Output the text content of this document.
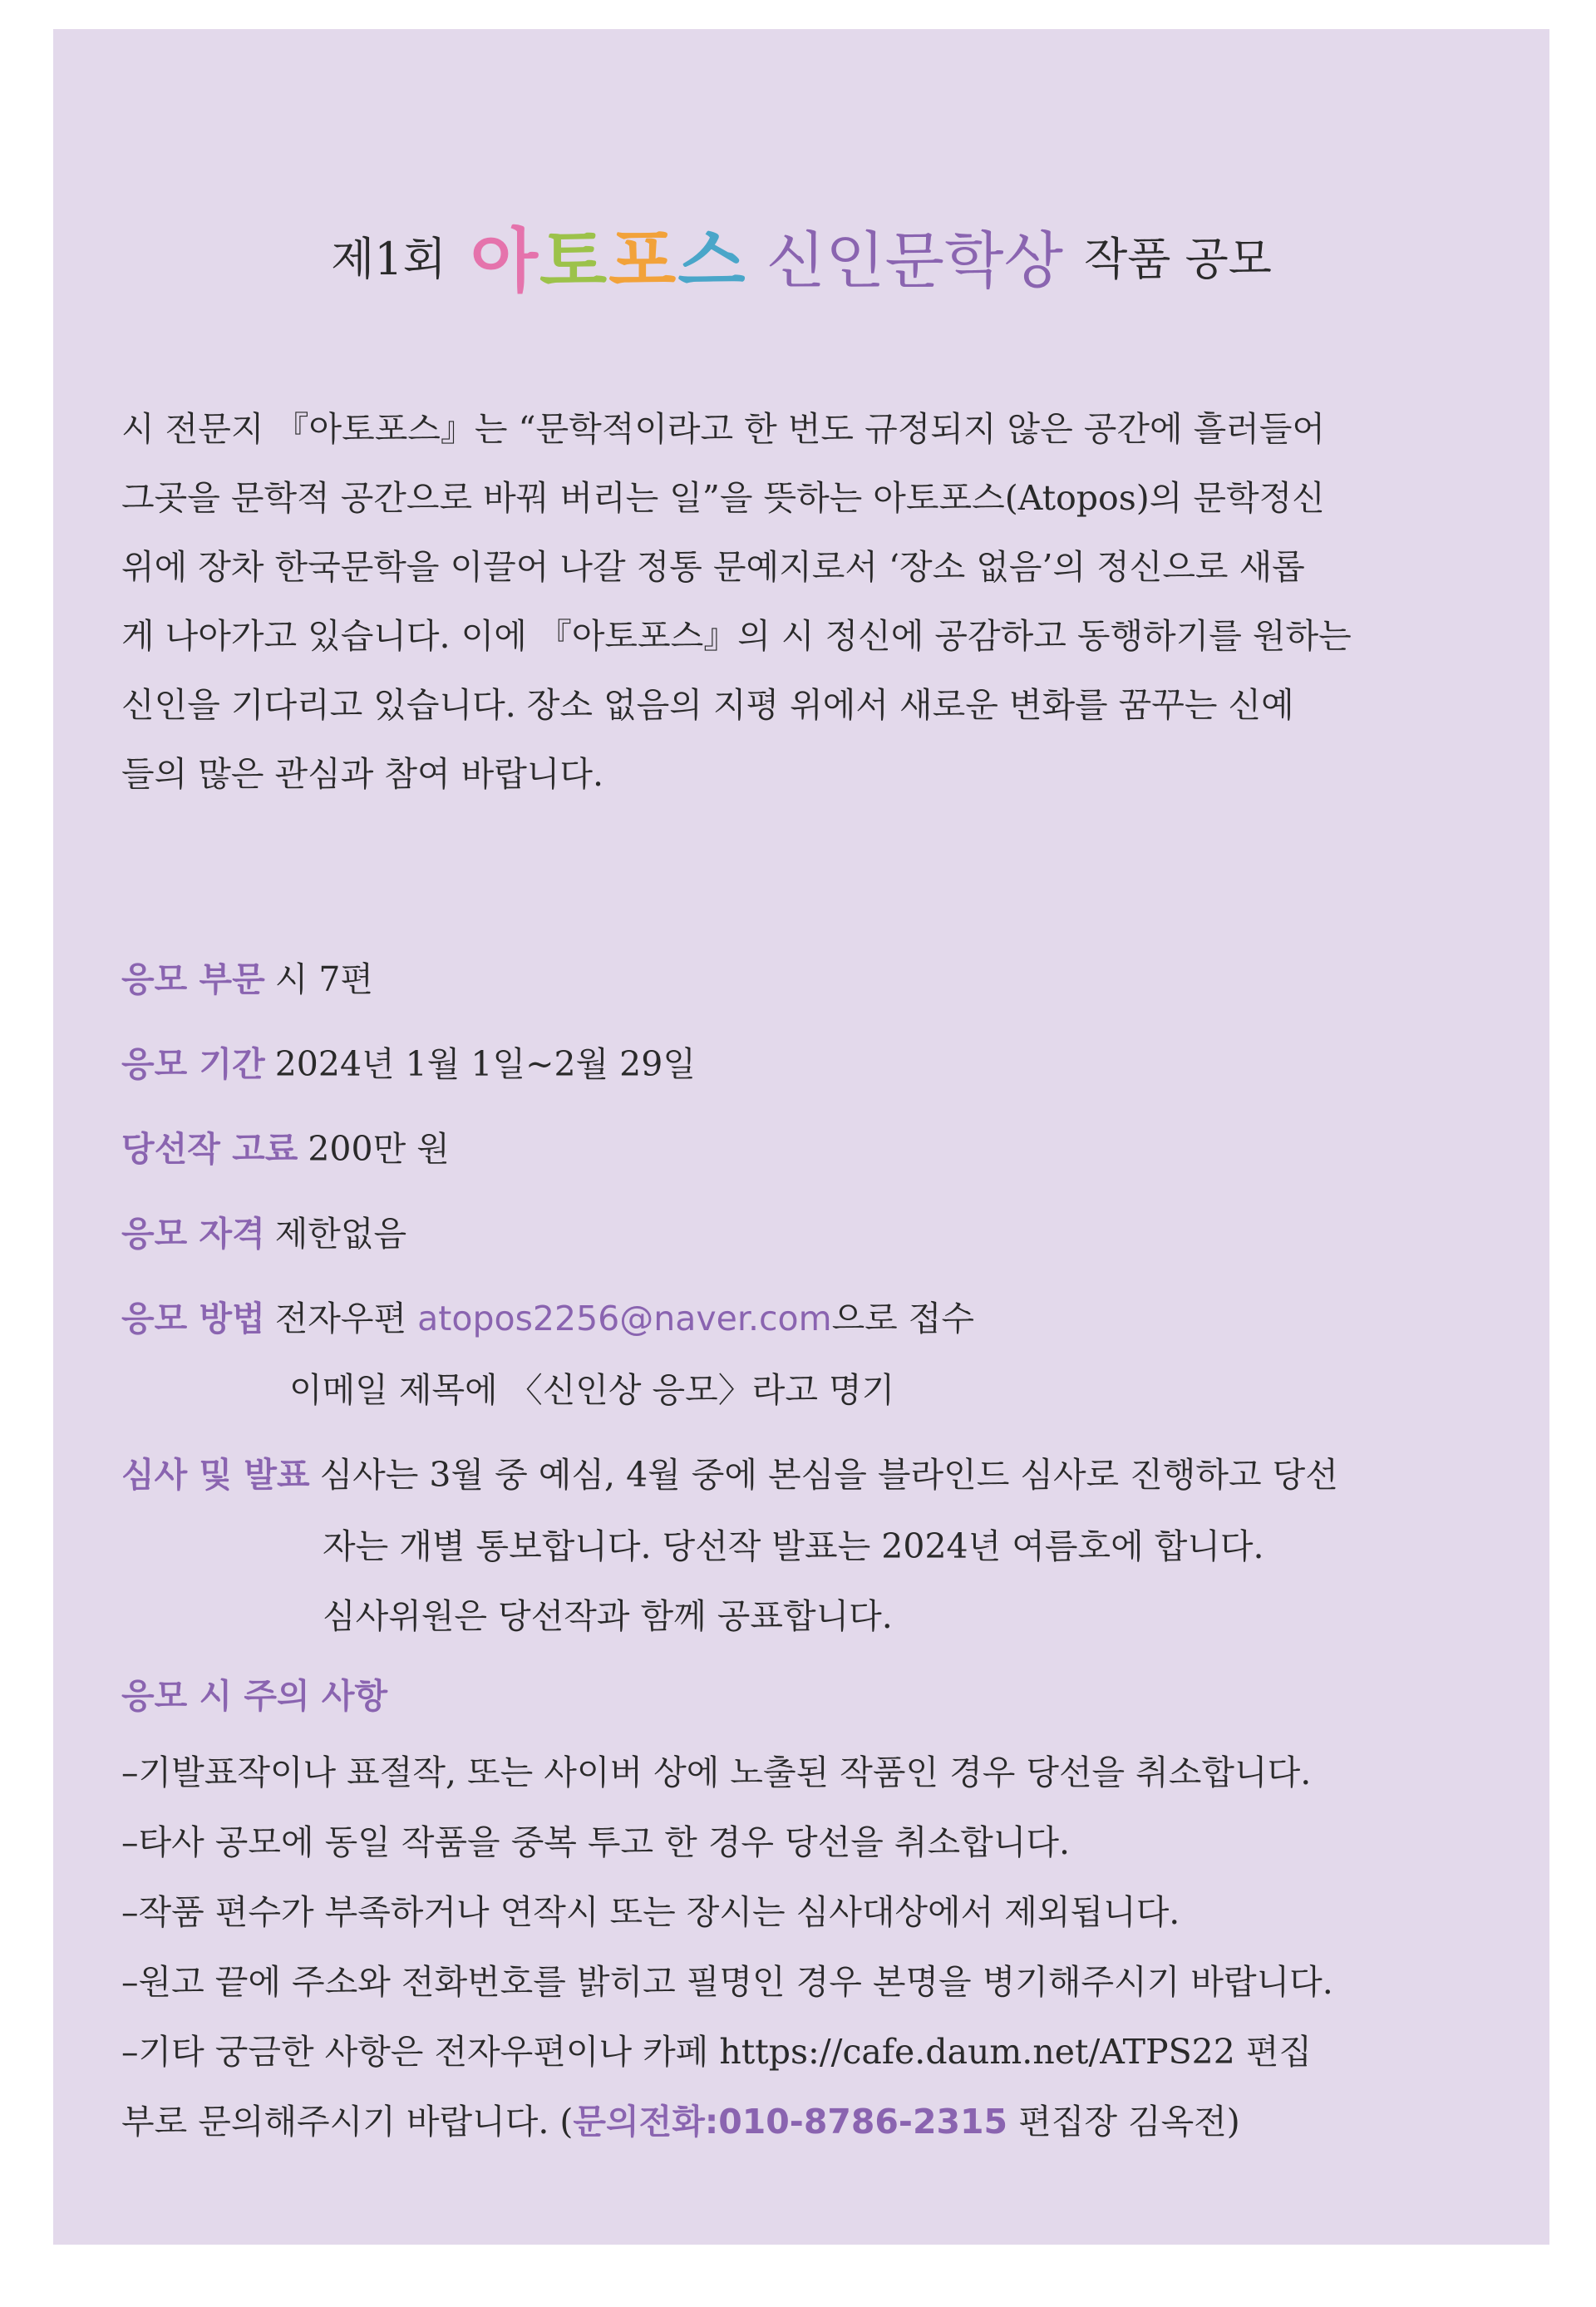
제1회 아토포스 신인문학상 작품 공모
시 전문지 『아토포스』는 “문학적이라고 한 번도 규정되지 않은 공간에 흘러들어
그곳을 문학적 공간으로 바꿔 버리는 일”을 뜻하는 아토포스(Atopos)의 문학정신
위에 장차 한국문학을 이끌어 나갈 정통 문예지로서 ‘장소 없음’의 정신으로 새롭
게 나아가고 있습니다. 이에 『아토포스』의 시 정신에 공감하고 동행하기를 원하는
신인을 기다리고 있습니다. 장소 없음의 지평 위에서 새로운 변화를 꿈꾸는 신예
들의 많은 관심과 참여 바랍니다.
응모 부문 시 7편
응모 기간 2024년 1월 1일~2월 29일
당선작 고료 200만 원
응모 자격 제한없음
응모 방법 전자우편 atopos2256@naver.com으로 접수
이메일 제목에 〈신인상 응모〉라고 명기
심사 및 발표 심사는 3월 중 예심, 4월 중에 본심을 블라인드 심사로 진행하고 당선
자는 개별 통보합니다. 당선작 발표는 2024년 여름호에 합니다.
심사위원은 당선작과 함께 공표합니다.
응모 시 주의 사항
–기발표작이나 표절작, 또는 사이버 상에 노출된 작품인 경우 당선을 취소합니다.
–타사 공모에 동일 작품을 중복 투고 한 경우 당선을 취소합니다.
–작품 편수가 부족하거나 연작시 또는 장시는 심사대상에서 제외됩니다.
–원고 끝에 주소와 전화번호를 밝히고 필명인 경우 본명을 병기해주시기 바랍니다.
–기타 궁금한 사항은 전자우편이나 카페 https://cafe.daum.net/ATPS22 편집
부로 문의해주시기 바랍니다. (문의전화:010-8786-2315 편집장 김옥전)
